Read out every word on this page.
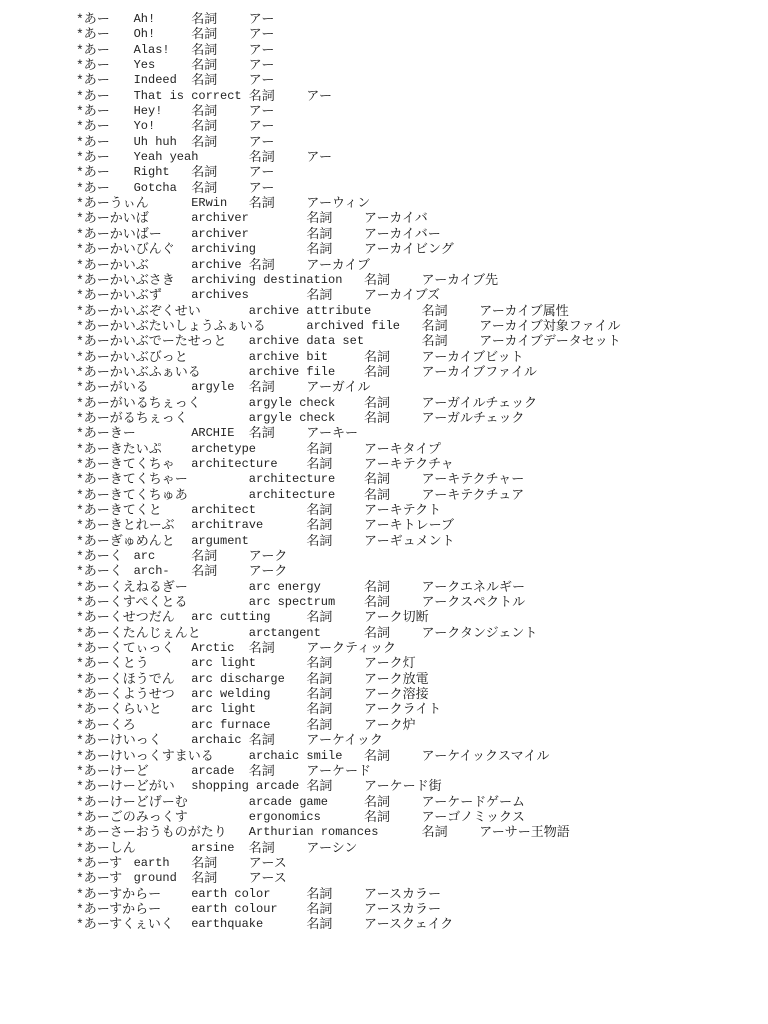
*あー Ah!	名詞 アー
*あー Oh!	名詞 アー
*あー Alas! 名詞 アー
*あー Yes	名詞 アー
*あー Indeed 名詞 アー
*あー That is correct 名詞 アー
*あー Hey! 名詞 アー
*あー Yo!	名詞 アー
*あー Uh huh 名詞 アー
*あー Yeah yeah	名詞 アー
*あー Right 名詞 アー
*あー Gotcha 名詞 アー
*あーうぃん	ERwin 名詞 アーウィン
*あーかいば	archiver	名詞 アーカイバ
*あーかいばー archiver	名詞 アーカイバー
*あーかいびんぐ archiving	名詞 アーカイビング
*あーかいぶ	archive 名詞 アーカイブ
*あーかいぶさき archiving destination 名詞 アーカイブ先
*あーかいぶず archives	名詞 アーカイブズ
*あーかいぶぞくせい	archive attribute	名詞 アーカイブ属性
*あーかいぶたいしょうふぁいる	archived file 名詞 アーカイブ対象ファイル
*あーかいぶでーたせっと archive data set	名詞 アーカイブデータセット
*あーかいぶびっと	archive bit	名詞 アーカイブビット
*あーかいぶふぁいる	archive file 名詞 アーカイブファイル
*あーがいる	argyle 名詞 アーガイル
*あーがいるちぇっく	argyle check 名詞 アーガイルチェック
*あーがるちぇっく	argyle check 名詞 アーガルチェック
*あーきー	ARCHIE 名詞 アーキー
*あーきたいぷ archetype	名詞 アーキタイプ
*あーきてくちゃ architecture 名詞 アーキテクチャ
*あーきてくちゃー	architecture 名詞 アーキテクチャー
*あーきてくちゅあ	architecture 名詞 アーキテクチュア
*あーきてくと architect	名詞 アーキテクト
*あーきとれーぶ architrave	名詞 アーキトレーブ
*あーぎゅめんと argument	名詞 アーギュメント
*あーく arc	名詞 アーク
*あーく arch- 名詞 アーク
*あーくえねるぎー	arc energy	名詞 アークエネルギー
*あーくすぺくとる	arc spectrum 名詞 アークスペクトル
*あーくせつだん arc cutting	名詞 アーク切断
*あーくたんじぇんと	arctangent	名詞 アークタンジェント
*あーくてぃっく Arctic 名詞 アークティック
*あーくとう	arc light	名詞 アーク灯
*あーくほうでん arc discharge 名詞 アーク放電
*あーくようせつ arc welding	名詞 アーク溶接
*あーくらいと arc light	名詞 アークライト
*あーくろ	arc furnace	名詞 アーク炉
*あーけいっく archaic 名詞 アーケイック
*あーけいっくすまいる	archaic smile 名詞 アーケイックスマイル
*あーけーど	arcade 名詞 アーケード
*あーけーどがい shopping arcade 名詞 アーケード街
*あーけーどげーむ	arcade game	名詞 アーケードゲーム
*あーごのみっくす	ergonomics	名詞 アーゴノミックス
*あーさーおうものがたり Arthurian romances	名詞 アーサー王物語
*あーしん	arsine 名詞 アーシン
*あーす earth 名詞 アース
*あーす ground 名詞 アース
*あーすからー	earth color	名詞 アースカラー
*あーすからー	earth colour 名詞 アースカラー
*あーすくぇいく earthquake	名詞 アースクェイク
